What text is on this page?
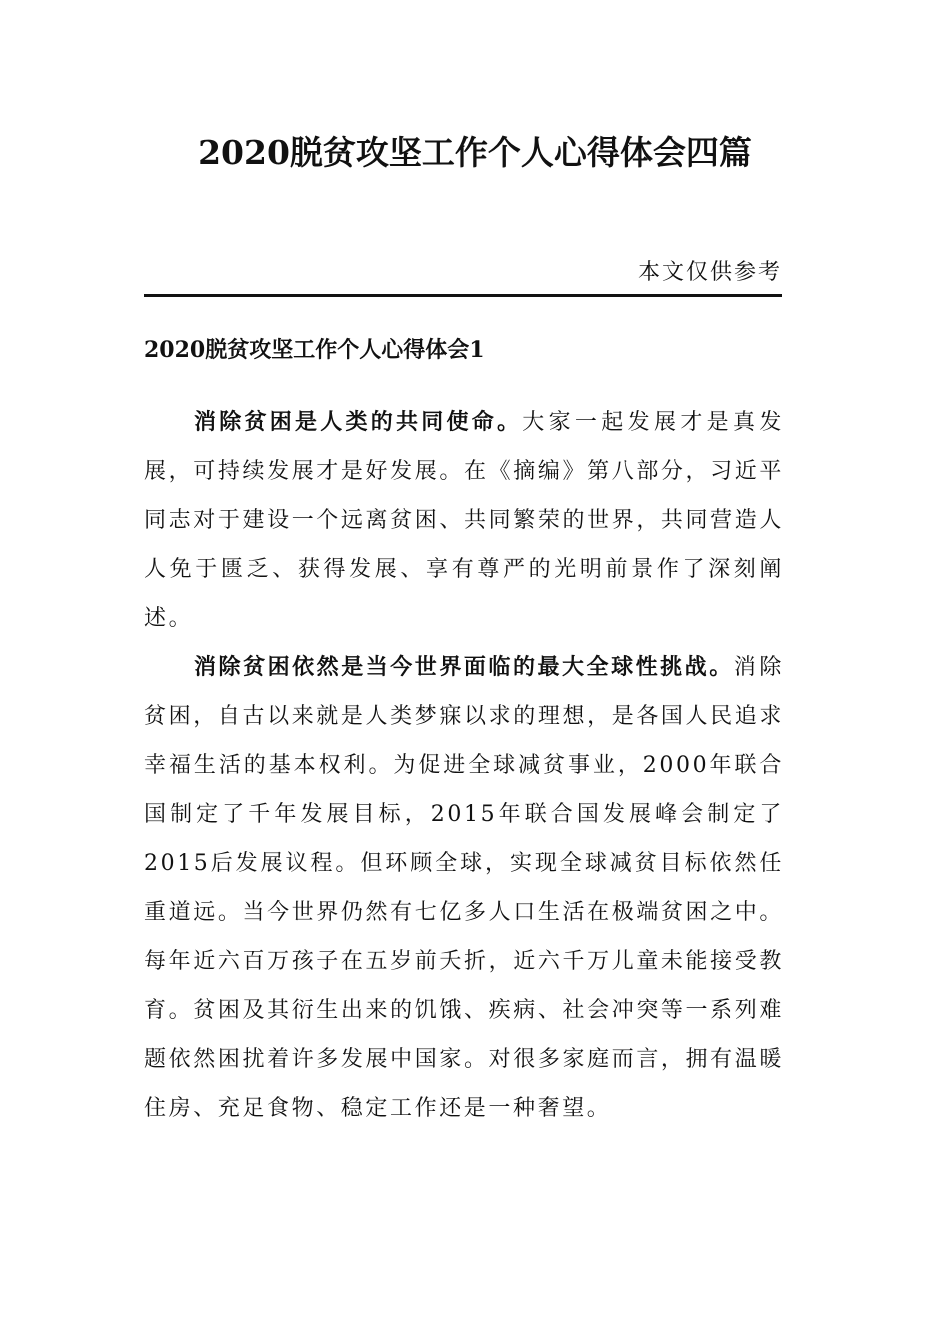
2020脱贫攻坚工作个人心得体会四篇

本文仅供参考

2020脱贫攻坚工作个人心得体会1

消除贫困是人类的共同使命。大家一起发展才是真发展，可持续发展才是好发展。在《摘编》第八部分，习近平同志对于建设一个远离贫困、共同繁荣的世界，共同营造人人免于匮乏、获得发展、享有尊严的光明前景作了深刻阐述。

消除贫困依然是当今世界面临的最大全球性挑战。消除贫困，自古以来就是人类梦寐以求的理想，是各国人民追求幸福生活的基本权利。为促进全球减贫事业，2000年联合国制定了千年发展目标，2015年联合国发展峰会制定了2015后发展议程。但环顾全球，实现全球减贫目标依然任重道远。当今世界仍然有七亿多人口生活在极端贫困之中。每年近六百万孩子在五岁前夭折，近六千万儿童未能接受教育。贫困及其衍生出来的饥饿、疾病、社会冲突等一系列难题依然困扰着许多发展中国家。对很多家庭而言，拥有温暖住房、充足食物、稳定工作还是一种奢望。
